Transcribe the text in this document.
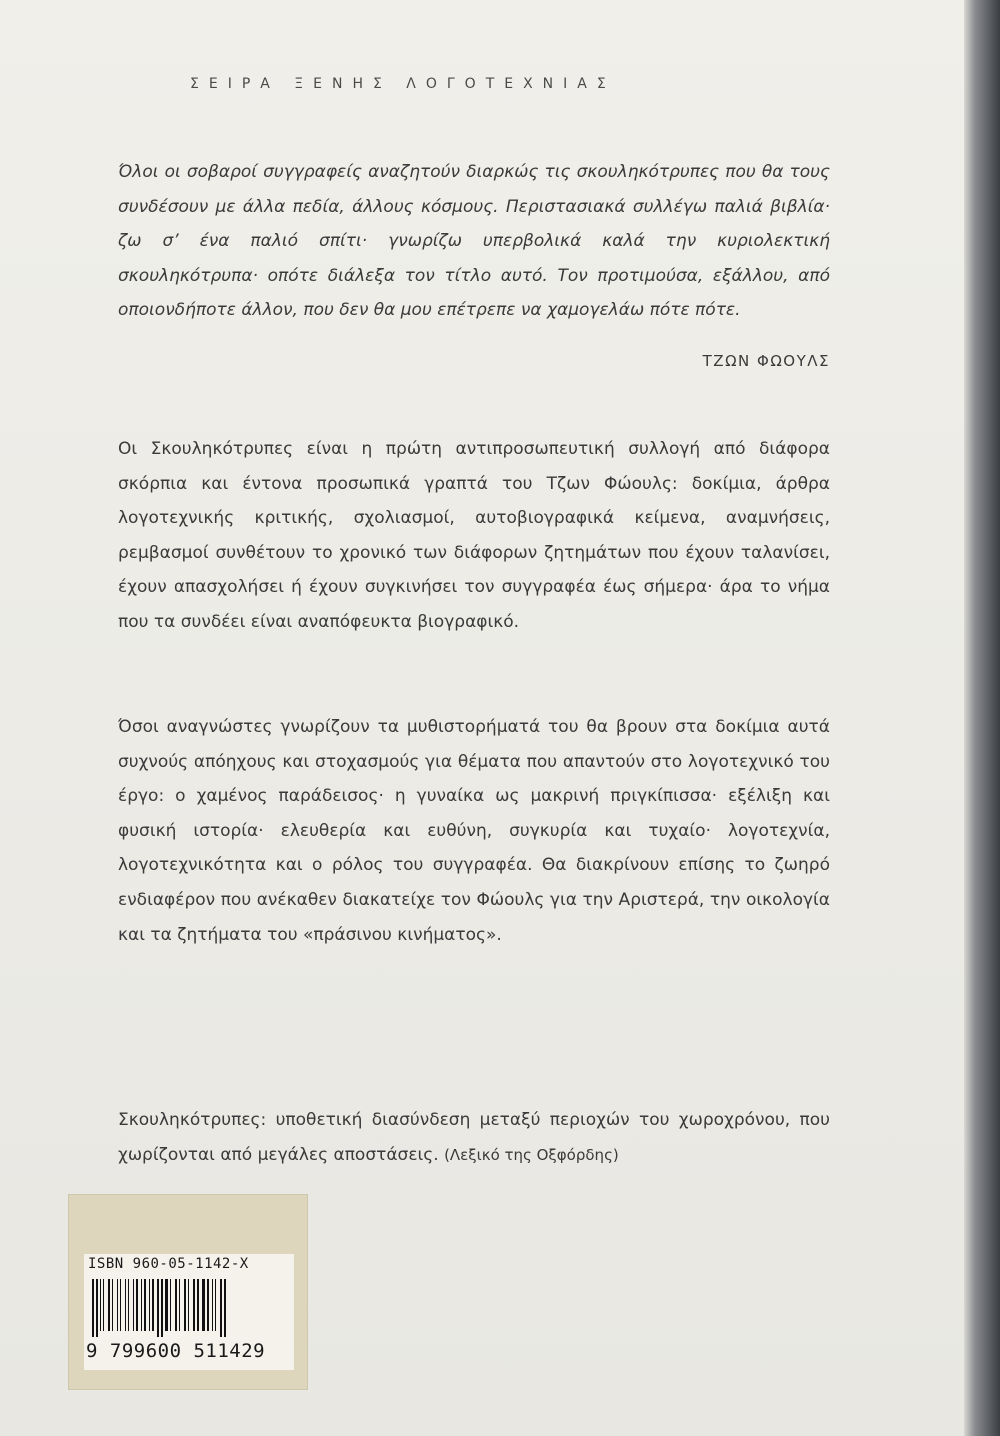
ΣΕΙΡΑ ΞΕΝΗΣ ΛΟΓΟΤΕΧΝΙΑΣ
Όλοι οι σοβαροί συγγραφείς αναζητούν διαρκώς τις σκουληκότρυπες που θα τους συνδέσουν με άλλα πεδία, άλλους κόσμους. Περιστασιακά συλλέγω παλιά βιβλία· ζω σ’ ένα παλιό σπίτι· γνωρίζω υπερβολικά καλά την κυριολεκτική σκουληκότρυπα· οπότε διάλεξα τον τίτλο αυτό. Τον προτιμούσα, εξάλλου, από οποιονδήποτε άλλον, που δεν θα μου επέτρεπε να χαμογελάω πότε πότε.
ΤΖΩΝ ΦΩΟΥΛΣ
Οι Σκουληκότρυπες είναι η πρώτη αντιπροσωπευτική συλλογή από διάφορα σκόρπια και έντονα προσωπικά γραπτά του Τζων Φώουλς: δοκίμια, άρθρα λογοτεχνικής κριτικής, σχολιασμοί, αυτοβιογραφικά κείμενα, αναμνήσεις, ρεμβασμοί συνθέτουν το χρονικό των διάφορων ζητημάτων που έχουν ταλανίσει, έχουν απασχολήσει ή έχουν συγκινήσει τον συγγραφέα έως σήμερα· άρα το νήμα που τα συνδέει είναι αναπόφευκτα βιογραφικό.
Όσοι αναγνώστες γνωρίζουν τα μυθιστορήματά του θα βρουν στα δοκίμια αυτά συχνούς απόηχους και στοχασμούς για θέματα που απαντούν στο λογοτεχνικό του έργο: ο χαμένος παράδεισος· η γυναίκα ως μακρινή πριγκίπισσα· εξέλιξη και φυσική ιστορία· ελευθερία και ευθύνη, συγκυρία και τυχαίο· λογοτεχνία, λογοτεχνικότητα και ο ρόλος του συγγραφέα. Θα διακρίνουν επίσης το ζωηρό ενδιαφέρον που ανέκαθεν διακατείχε τον Φώουλς για την Αριστερά, την οικολογία και τα ζητήματα του «πράσινου κινήματος».
Σκουληκότρυπες: υποθετική διασύνδεση μεταξύ περιοχών του χωροχρόνου, που χωρίζονται από μεγάλες αποστάσεις. (Λεξικό της Οξφόρδης)
ISBN 960-05-1142-X
9 799600 511429
